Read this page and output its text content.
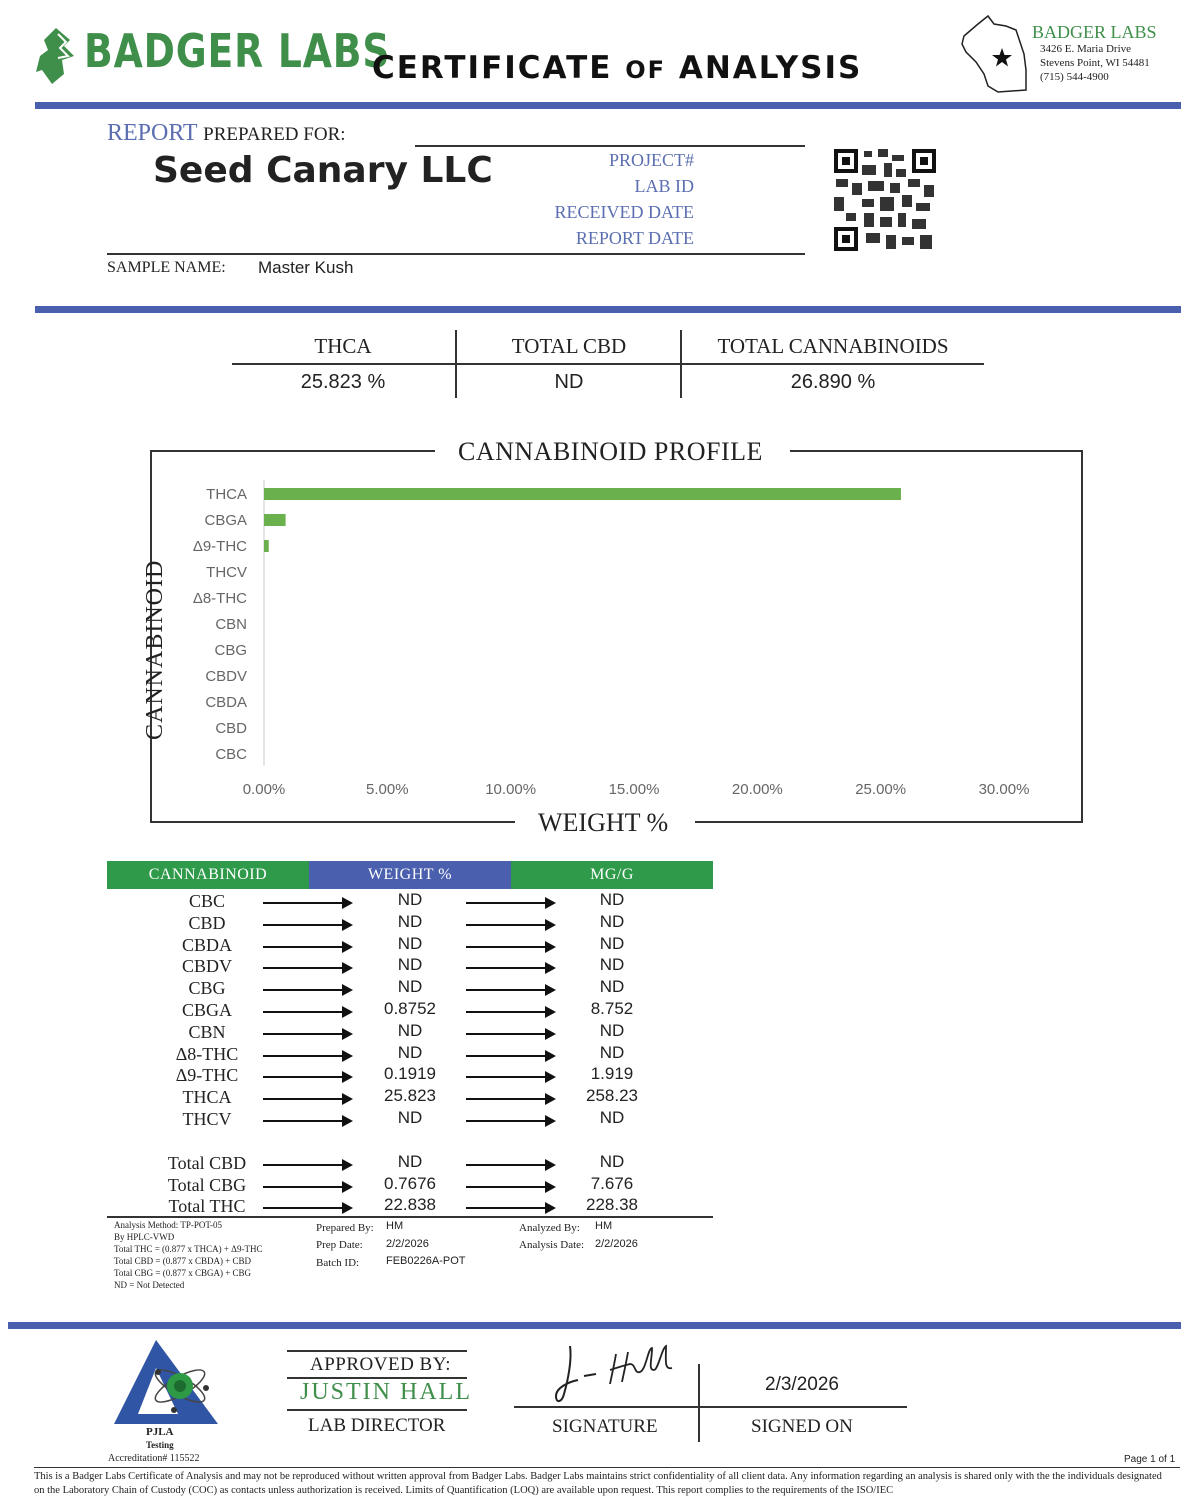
BADGER LABS
CERTIFICATE OF ANALYSIS
BADGER LABS
3426 E. Maria Drive
Stevens Point, WI 54481
(715) 544-4900
REPORT PREPARED FOR:
Seed Canary LLC	PROJECT#
LAB ID
RECEIVED DATE
REPORT DATE
SAMPLE NAME: Master Kush
THCA	TOTAL CBD	TOTAL CANNABINOIDS
25.823 %	ND	26.890 %
CANNABINOID PROFILE
CANNABINOID
WEIGHT %
THCA
CBGA
Δ9-THC
THCV
Δ8-THC
CBN
CBG
CBDV
CBDA
CBD
CBC
0.00%	5.00%	10.00%	15.00%	20.00%	25.00%	30.00%
CANNABINOID	WEIGHT %	MG/G
CBC	ND	ND
CBD	ND	ND
CBDA	ND	ND
CBDV	ND	ND
CBG	ND	ND
CBGA	0.8752	8.752
CBN	ND	ND
Δ8-THC	ND	ND
Δ9-THC	0.1919	1.919
THCA	25.823	258.23
THCV	ND	ND
Total CBD	ND	ND
Total CBG	0.7676	7.676
Total THC	22.838	228.38
Analysis Method: TP-POT-05
By HPLC-VWD
Total THC = (0.877 x THCA) + Δ9-THC
Total CBD = (0.877 x CBDA) + CBD
Total CBG = (0.877 x CBGA) + CBG
ND = Not Detected
Prepared By: HM
Prep Date: 2/2/2026
Batch ID: FEB0226A-POT
Analyzed By: HM
Analysis Date: 2/2/2026
PJLA
Testing
Accreditation# 115522
APPROVED BY:
JUSTIN HALL
LAB DIRECTOR
2/3/2026
SIGNATURE	SIGNED ON
Page 1 of 1
This is a Badger Labs Certificate of Analysis and may not be reproduced without written approval from Badger Labs. Badger Labs maintains strict confidentiality of all client data. Any information regarding an analysis is shared only with the the individuals designated on the Laboratory Chain of Custody (COC) as contacts unless authorization is received. Limits of Quantification (LOQ) are available upon request. This report complies to the requirements of the ISO/IEC
